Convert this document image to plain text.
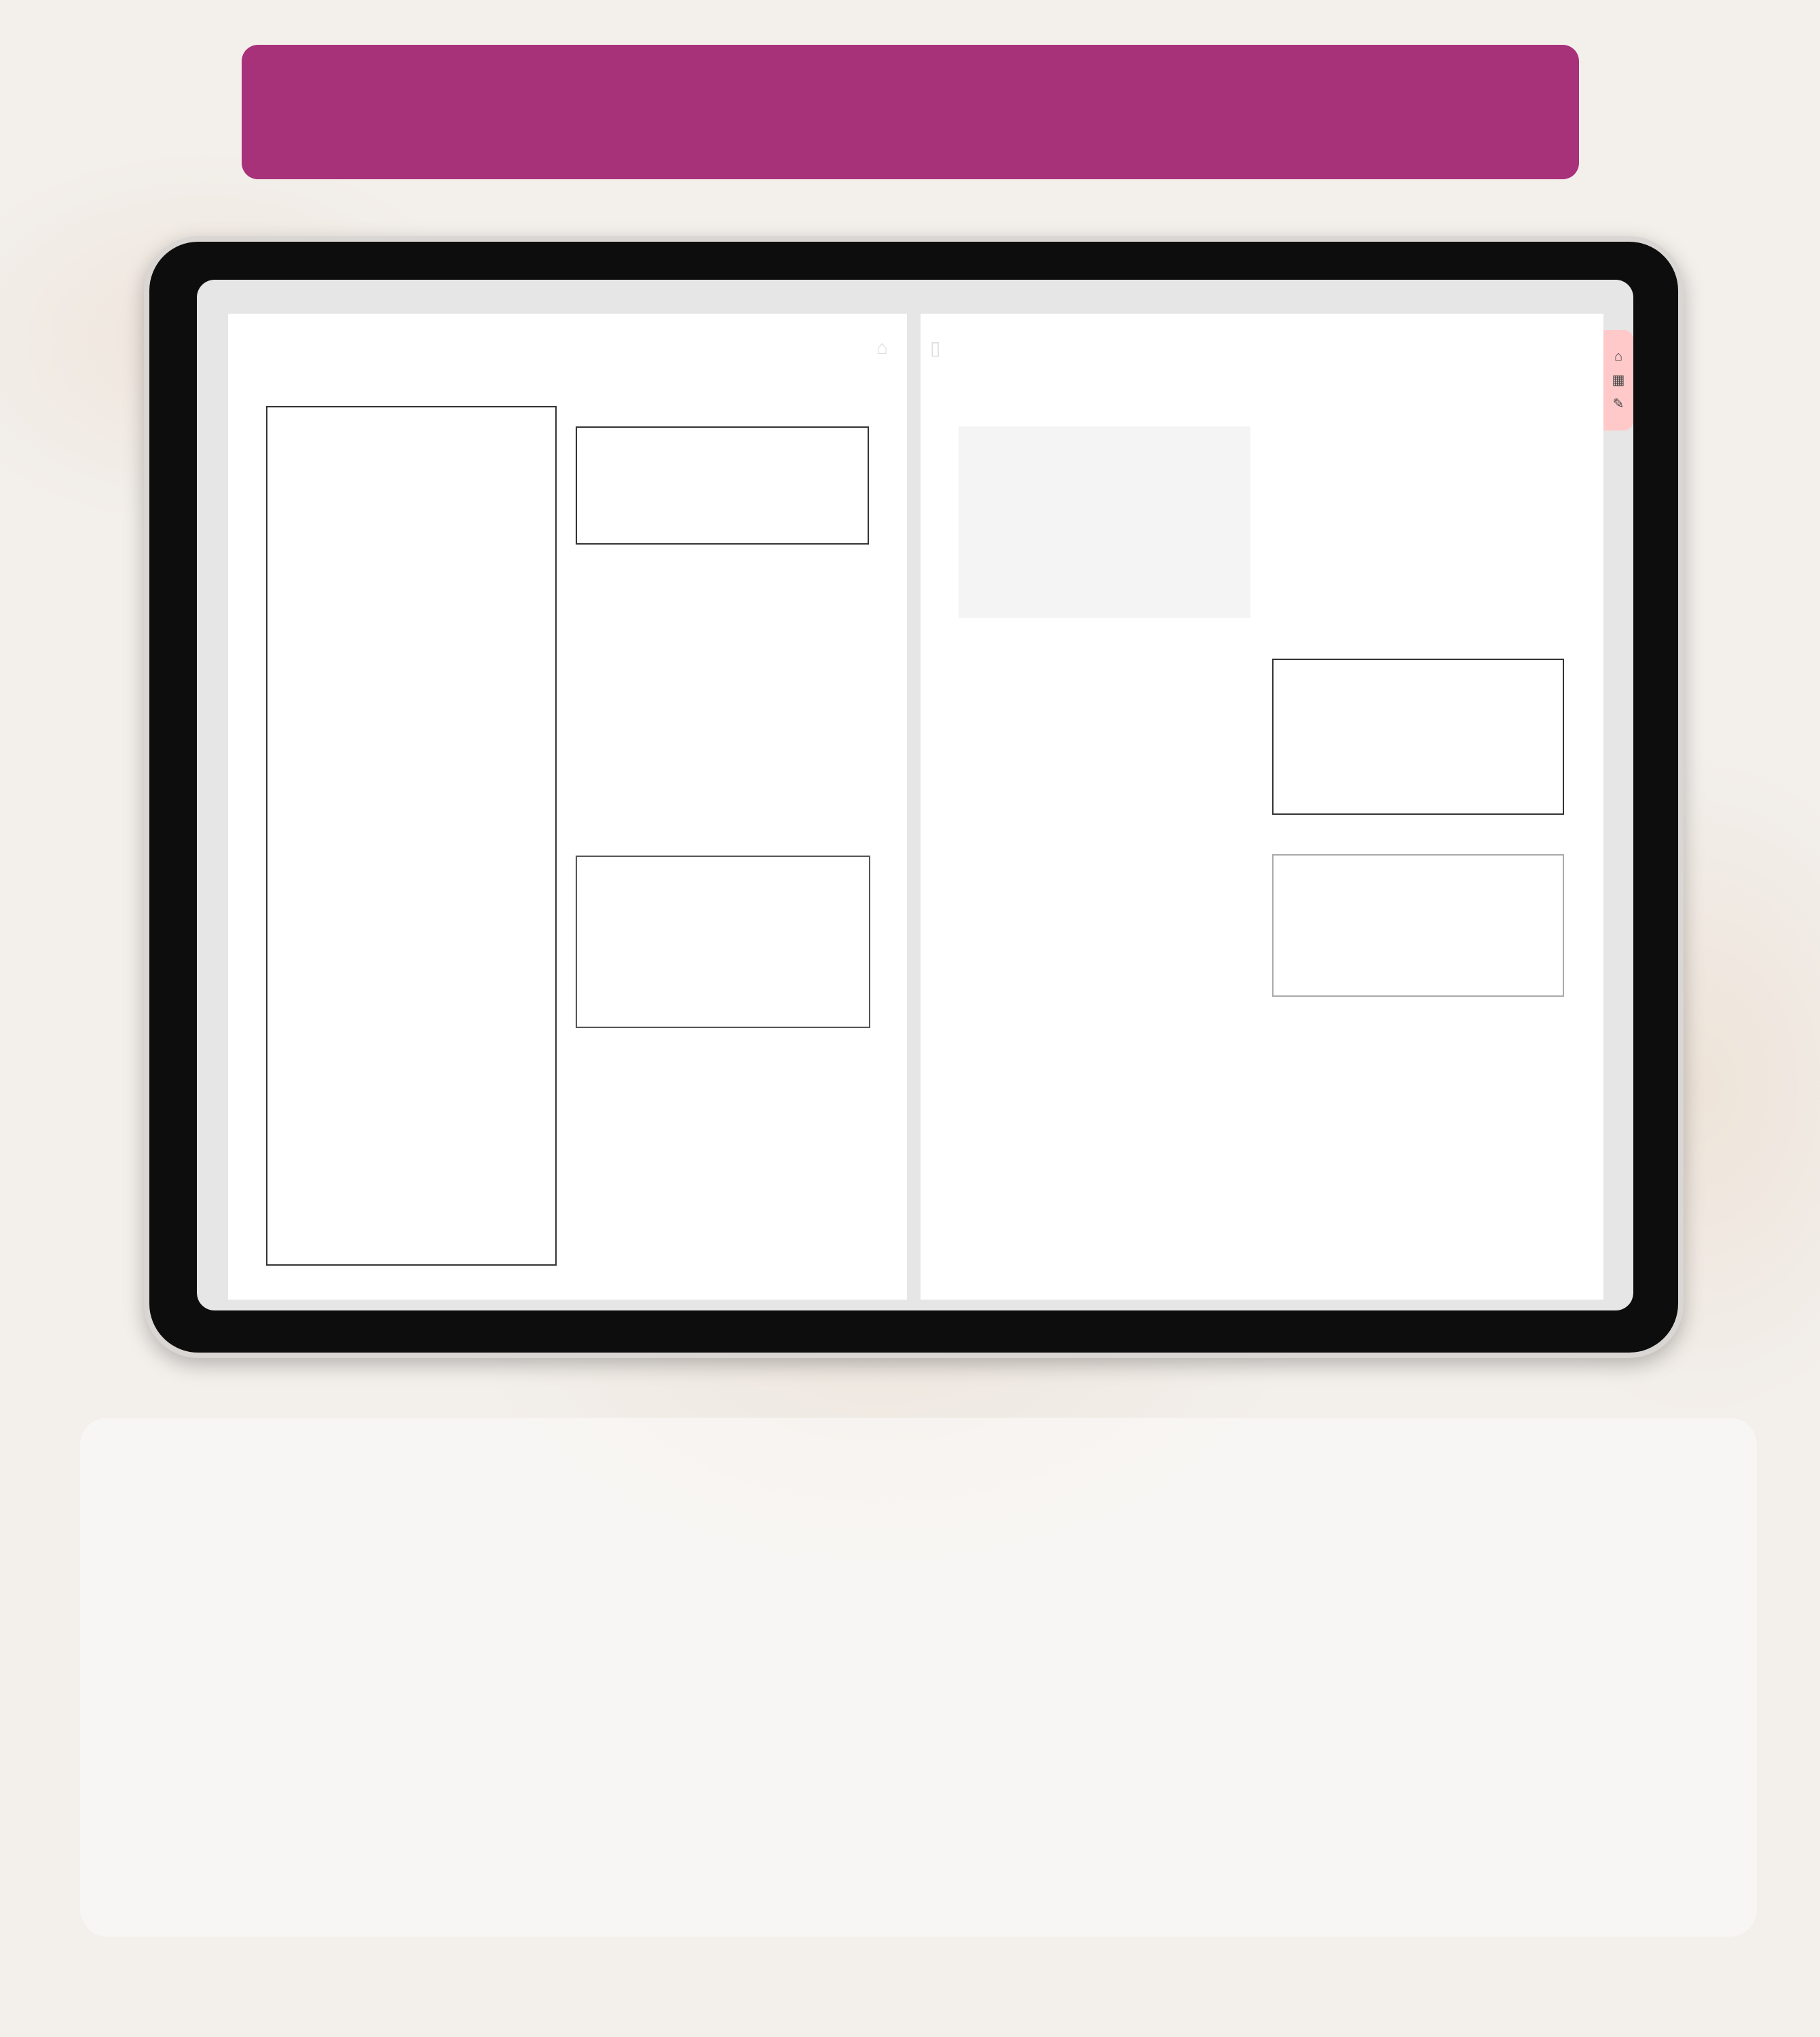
⌂	▯	⌂
▦
✎
